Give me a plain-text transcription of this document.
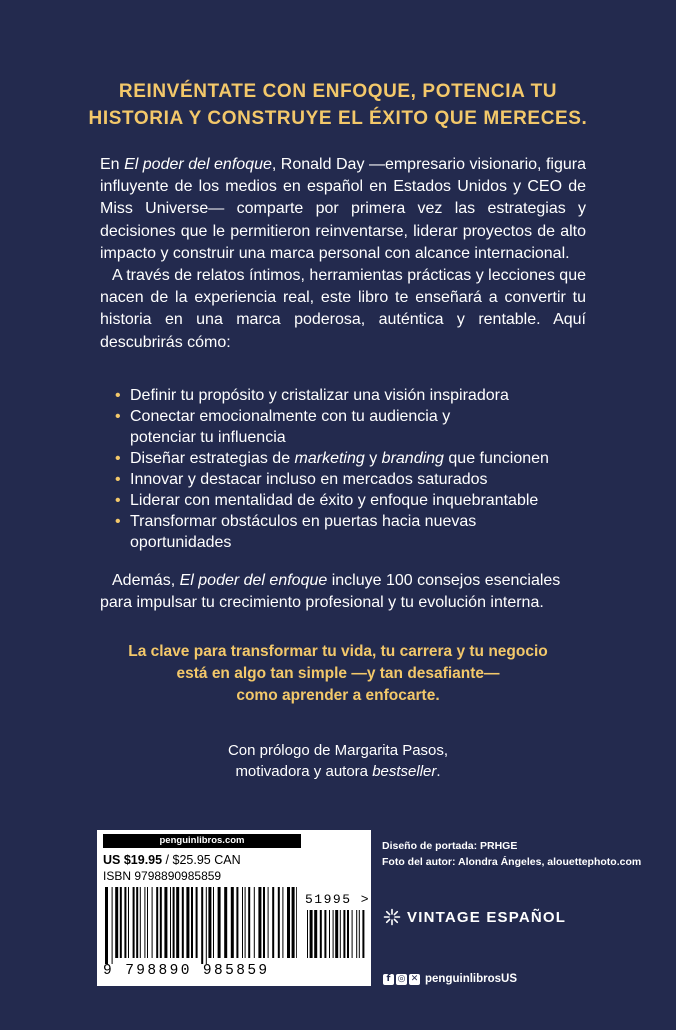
REINVÉNTATE CON ENFOQUE, POTENCIA TU
HISTORIA Y CONSTRUYE EL ÉXITO QUE MERECES.

En El poder del enfoque, Ronald Day —empresario visionario, figura influyente de los medios en español en Estados Unidos y CEO de Miss Universe— comparte por primera vez las estrategias y decisiones que le permitieron reinventarse, liderar proyectos de alto impacto y construir una marca personal con alcance internacional.

A través de relatos íntimos, herramientas prácticas y lecciones que nacen de la experiencia real, este libro te enseñará a convertir tu historia en una marca poderosa, auténtica y rentable. Aquí descubrirás cómo:

• Definir tu propósito y cristalizar una visión inspiradora
• Conectar emocionalmente con tu audiencia y
potenciar tu influencia
• Diseñar estrategias de marketing y branding que funcionen
• Innovar y destacar incluso en mercados saturados
• Liderar con mentalidad de éxito y enfoque inquebrantable
• Transformar obstáculos en puertas hacia nuevas
oportunidades
Además, El poder del enfoque incluye 100 consejos esenciales para impulsar tu crecimiento profesional y tu evolución interna.
La clave para transformar tu vida, tu carrera y tu negocio
está en algo tan simple —y tan desafiante—
como aprender a enfocarte.
Con prólogo de Margarita Pasos,
motivadora y autora bestseller.
penguinlibros.com
US $19.95 / $25.95 CAN
ISBN 9798890985859
51995 >
9 798890 985859
Diseño de portada: PRHGE
Foto del autor: Alondra Ángeles, alouettephoto.com
VINTAGE ESPAÑOL
f ◎ ✕ penguinlibrosUS
